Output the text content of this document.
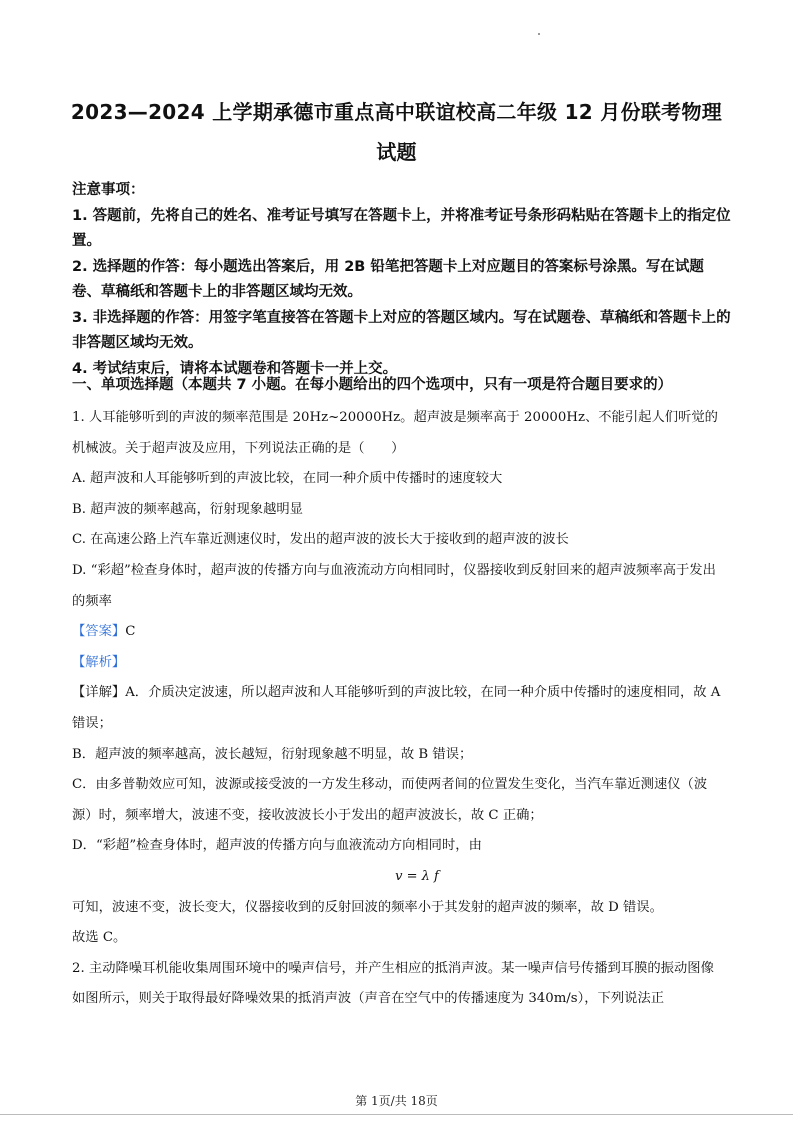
2023—2024 上学期承德市重点高中联谊校高二年级 12 月份联考物理
试题

注意事项：

1. 答题前，先将自己的姓名、准考证号填写在答题卡上，并将准考证号条形码粘贴在答题卡上的指定位置。

2. 选择题的作答：每小题选出答案后，用 2B 铅笔把答题卡上对应题目的答案标号涂黑。写在试题卷、草稿纸和答题卡上的非答题区域均无效。

3. 非选择题的作答：用签字笔直接答在答题卡上对应的答题区域内。写在试题卷、草稿纸和答题卡上的非答题区域均无效。

4. 考试结束后，请将本试题卷和答题卡一并上交。

一、单项选择题（本题共 7 小题。在每小题给出的四个选项中，只有一项是符合题目要求的）

1. 人耳能够听到的声波的频率范围是 20Hz~20000Hz。超声波是频率高于 20000Hz、不能引起人们听觉的机械波。关于超声波及应用，下列说法正确的是（　　）

A. 超声波和人耳能够听到的声波比较，在同一种介质中传播时的速度较大

B. 超声波的频率越高，衍射现象越明显

C. 在高速公路上汽车靠近测速仪时，发出的超声波的波长大于接收到的超声波的波长

D. “彩超”检查身体时，超声波的传播方向与血液流动方向相同时，仪器接收到反射回来的超声波频率高于发出的频率

【答案】C

【解析】

【详解】A．介质决定波速，所以超声波和人耳能够听到的声波比较，在同一种介质中传播时的速度相同，故 A 错误；

B．超声波的频率越高，波长越短，衍射现象越不明显，故 B 错误；

C．由多普勒效应可知，波源或接受波的一方发生移动，而使两者间的位置发生变化，当汽车靠近测速仪（波源）时，频率增大，波速不变，接收波波长小于发出的超声波波长，故 C 正确；

D．“彩超”检查身体时，超声波的传播方向与血液流动方向相同时，由

v = λ f

可知，波速不变，波长变大，仪器接收到的反射回波的频率小于其发射的超声波的频率，故 D 错误。

故选 C。

2. 主动降噪耳机能收集周围环境中的噪声信号，并产生相应的抵消声波。某一噪声信号传播到耳膜的振动图像如图所示，则关于取得最好降噪效果的抵消声波（声音在空气中的传播速度为 340m/s），下列说法正

第 1页/共 18页
